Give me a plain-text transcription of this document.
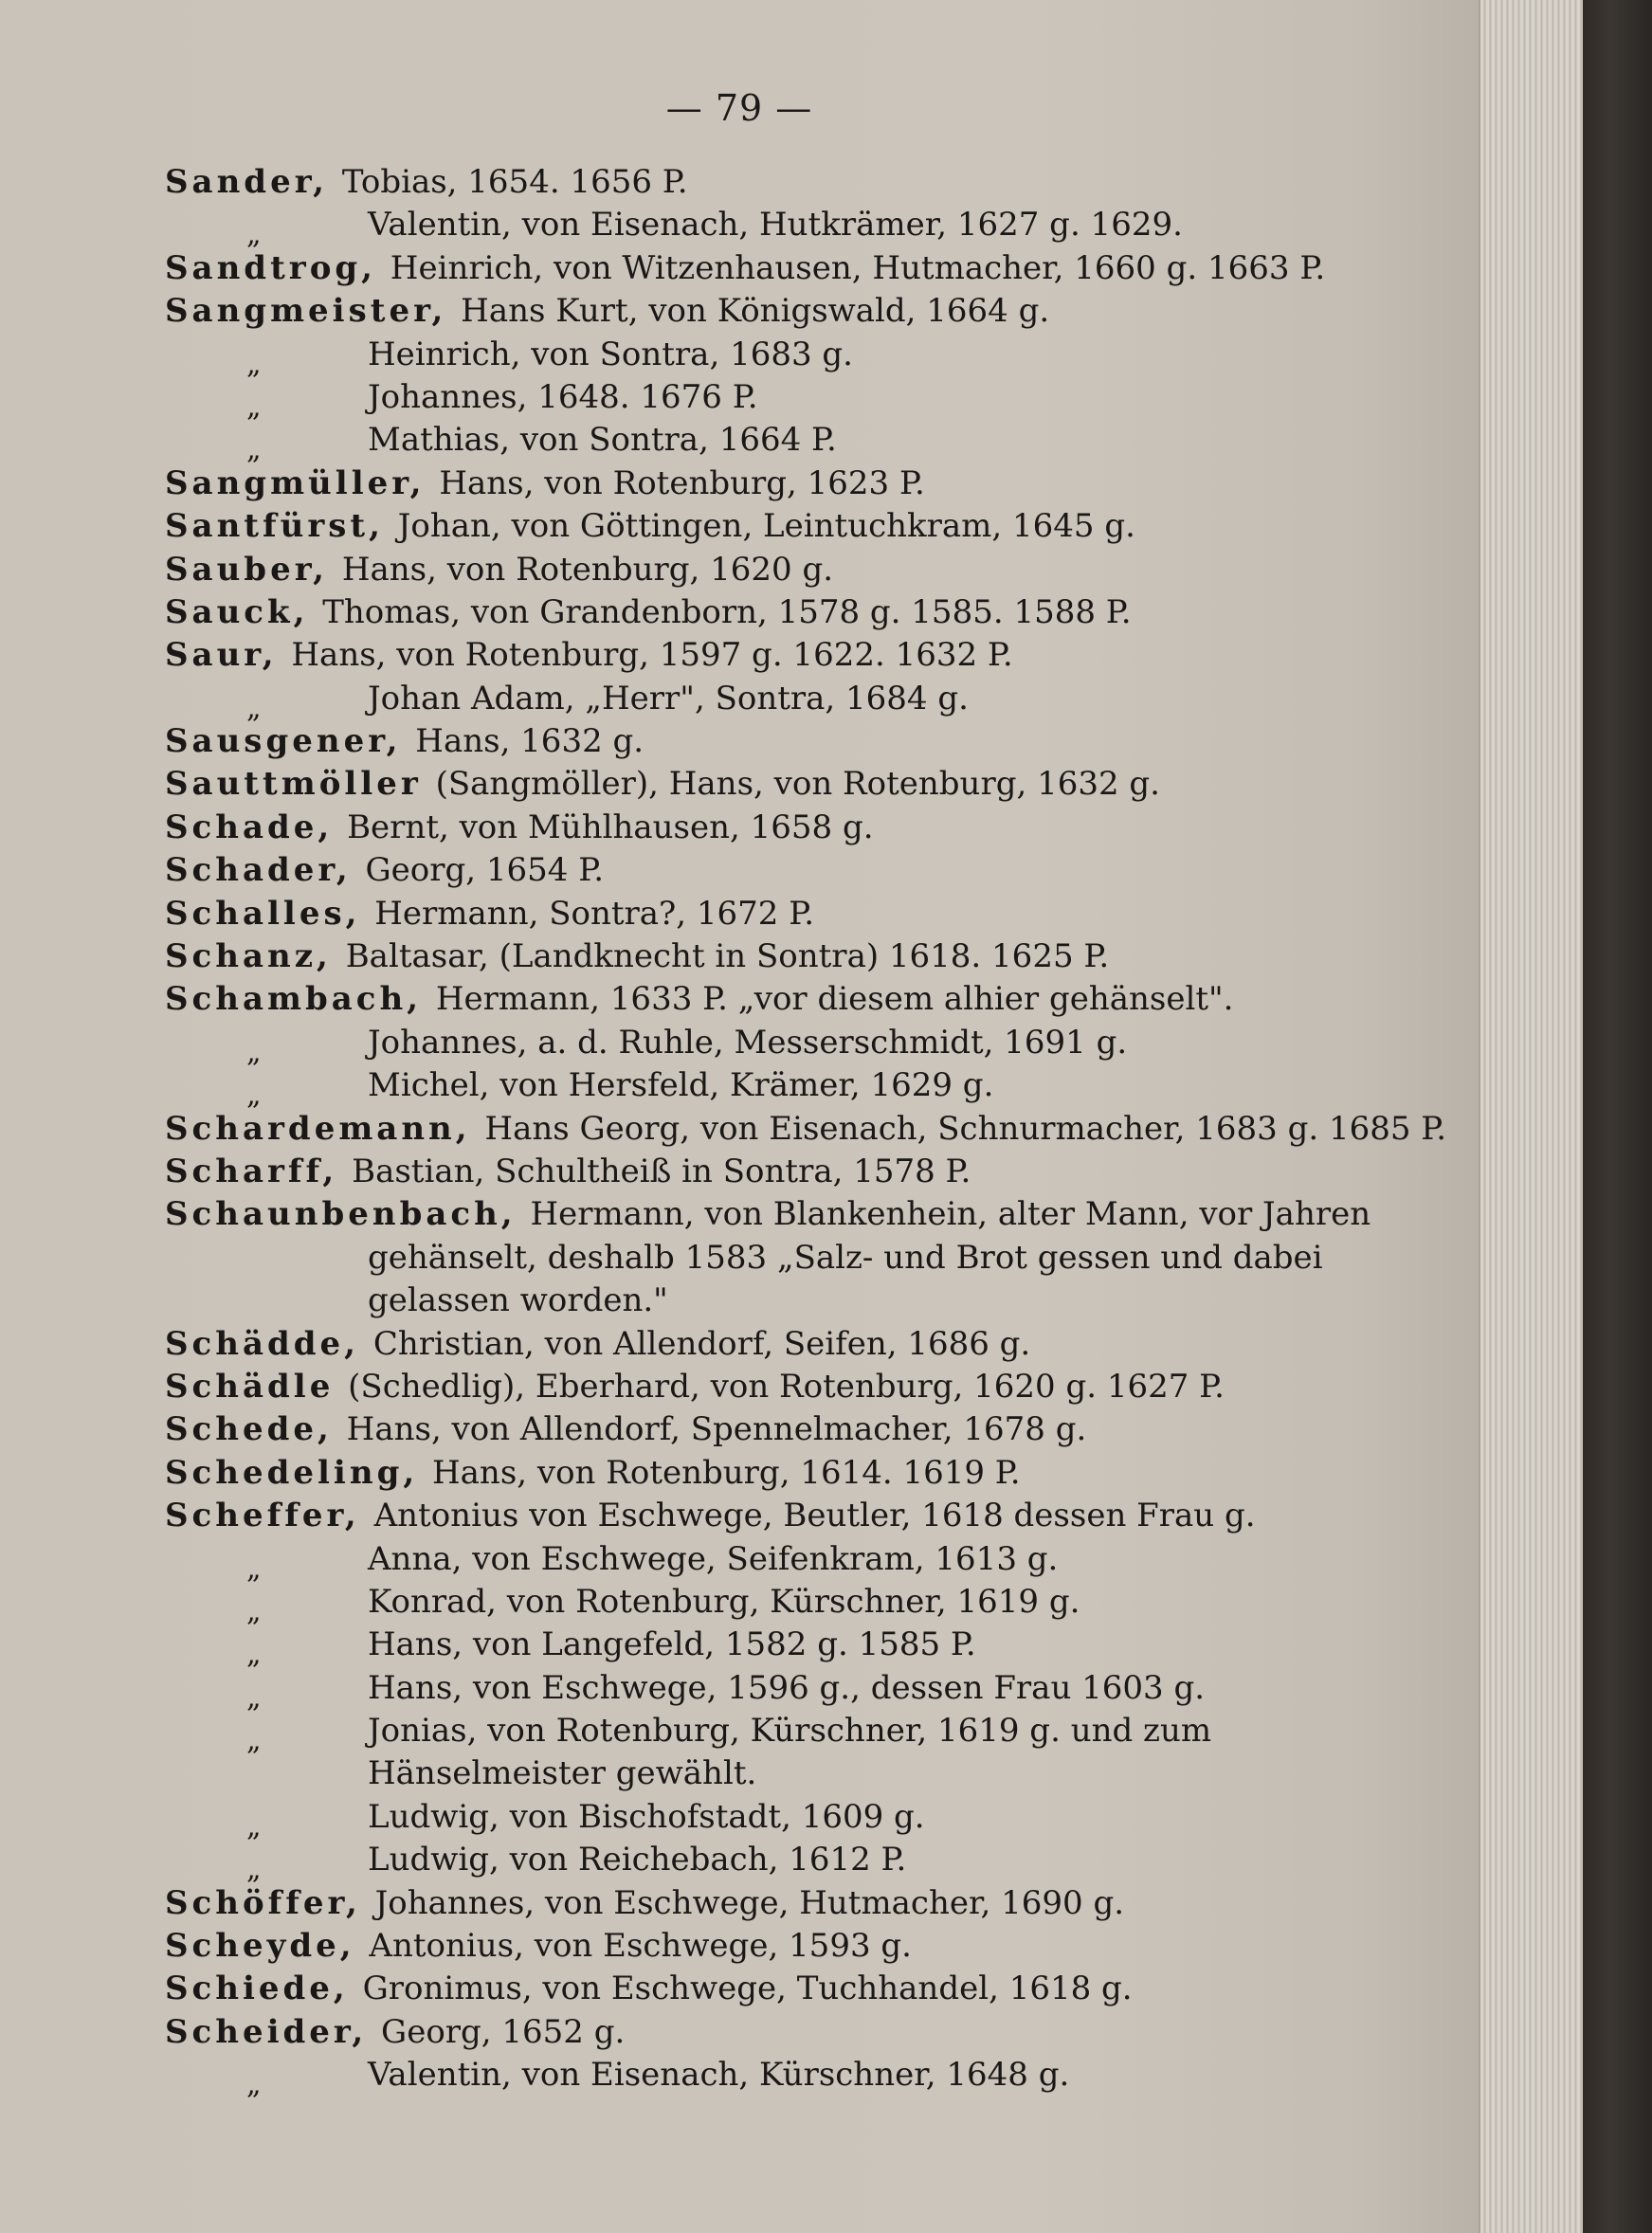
— 79 —
Sander, Tobias, 1654. 1656 P.
„	Valentin, von Eisenach, Hutkrämer, 1627 g. 1629.
Sandtrog, Heinrich, von Witzenhausen, Hutmacher, 1660 g. 1663 P.
Sangmeister, Hans Kurt, von Königswald, 1664 g.
„	Heinrich, von Sontra, 1683 g.
„	Johannes, 1648. 1676 P.
„	Mathias, von Sontra, 1664 P.
Sangmüller, Hans, von Rotenburg, 1623 P.
Santfürst, Johan, von Göttingen, Leintuchkram, 1645 g.
Sauber, Hans, von Rotenburg, 1620 g.
Sauck, Thomas, von Grandenborn, 1578 g. 1585. 1588 P.
Saur, Hans, von Rotenburg, 1597 g. 1622. 1632 P.
„	Johan Adam, „Herr", Sontra, 1684 g.
Sausgener, Hans, 1632 g.
Sauttmöller (Sangmöller), Hans, von Rotenburg, 1632 g.
Schade, Bernt, von Mühlhausen, 1658 g.
Schader, Georg, 1654 P.
Schalles, Hermann, Sontra?, 1672 P.
Schanz, Baltasar, (Landknecht in Sontra) 1618. 1625 P.
Schambach, Hermann, 1633 P. „vor diesem alhier gehänselt".
„	Johannes, a. d. Ruhle, Messerschmidt, 1691 g.
„	Michel, von Hersfeld, Krämer, 1629 g.
Schardemann, Hans Georg, von Eisenach, Schnurmacher, 1683 g. 1685 P.
Scharff, Bastian, Schultheiß in Sontra, 1578 P.
Schaunbenbach, Hermann, von Blankenhein, alter Mann, vor Jahren
gehänselt, deshalb 1583 „Salz- und Brot gessen und dabei
gelassen worden."
Schädde, Christian, von Allendorf, Seifen, 1686 g.
Schädle (Schedlig), Eberhard, von Rotenburg, 1620 g. 1627 P.
Schede, Hans, von Allendorf, Spennelmacher, 1678 g.
Schedeling, Hans, von Rotenburg, 1614. 1619 P.
Scheffer, Antonius von Eschwege, Beutler, 1618 dessen Frau g.
„	Anna, von Eschwege, Seifenkram, 1613 g.
„	Konrad, von Rotenburg, Kürschner, 1619 g.
„	Hans, von Langefeld, 1582 g. 1585 P.
„	Hans, von Eschwege, 1596 g., dessen Frau 1603 g.
„	Jonias, von Rotenburg, Kürschner, 1619 g. und zum
Hänselmeister gewählt.
„	Ludwig, von Bischofstadt, 1609 g.
„	Ludwig, von Reichebach, 1612 P.
Schöffer, Johannes, von Eschwege, Hutmacher, 1690 g.
Scheyde, Antonius, von Eschwege, 1593 g.
Schiede, Gronimus, von Eschwege, Tuchhandel, 1618 g.
Scheider, Georg, 1652 g.
„	Valentin, von Eisenach, Kürschner, 1648 g.
